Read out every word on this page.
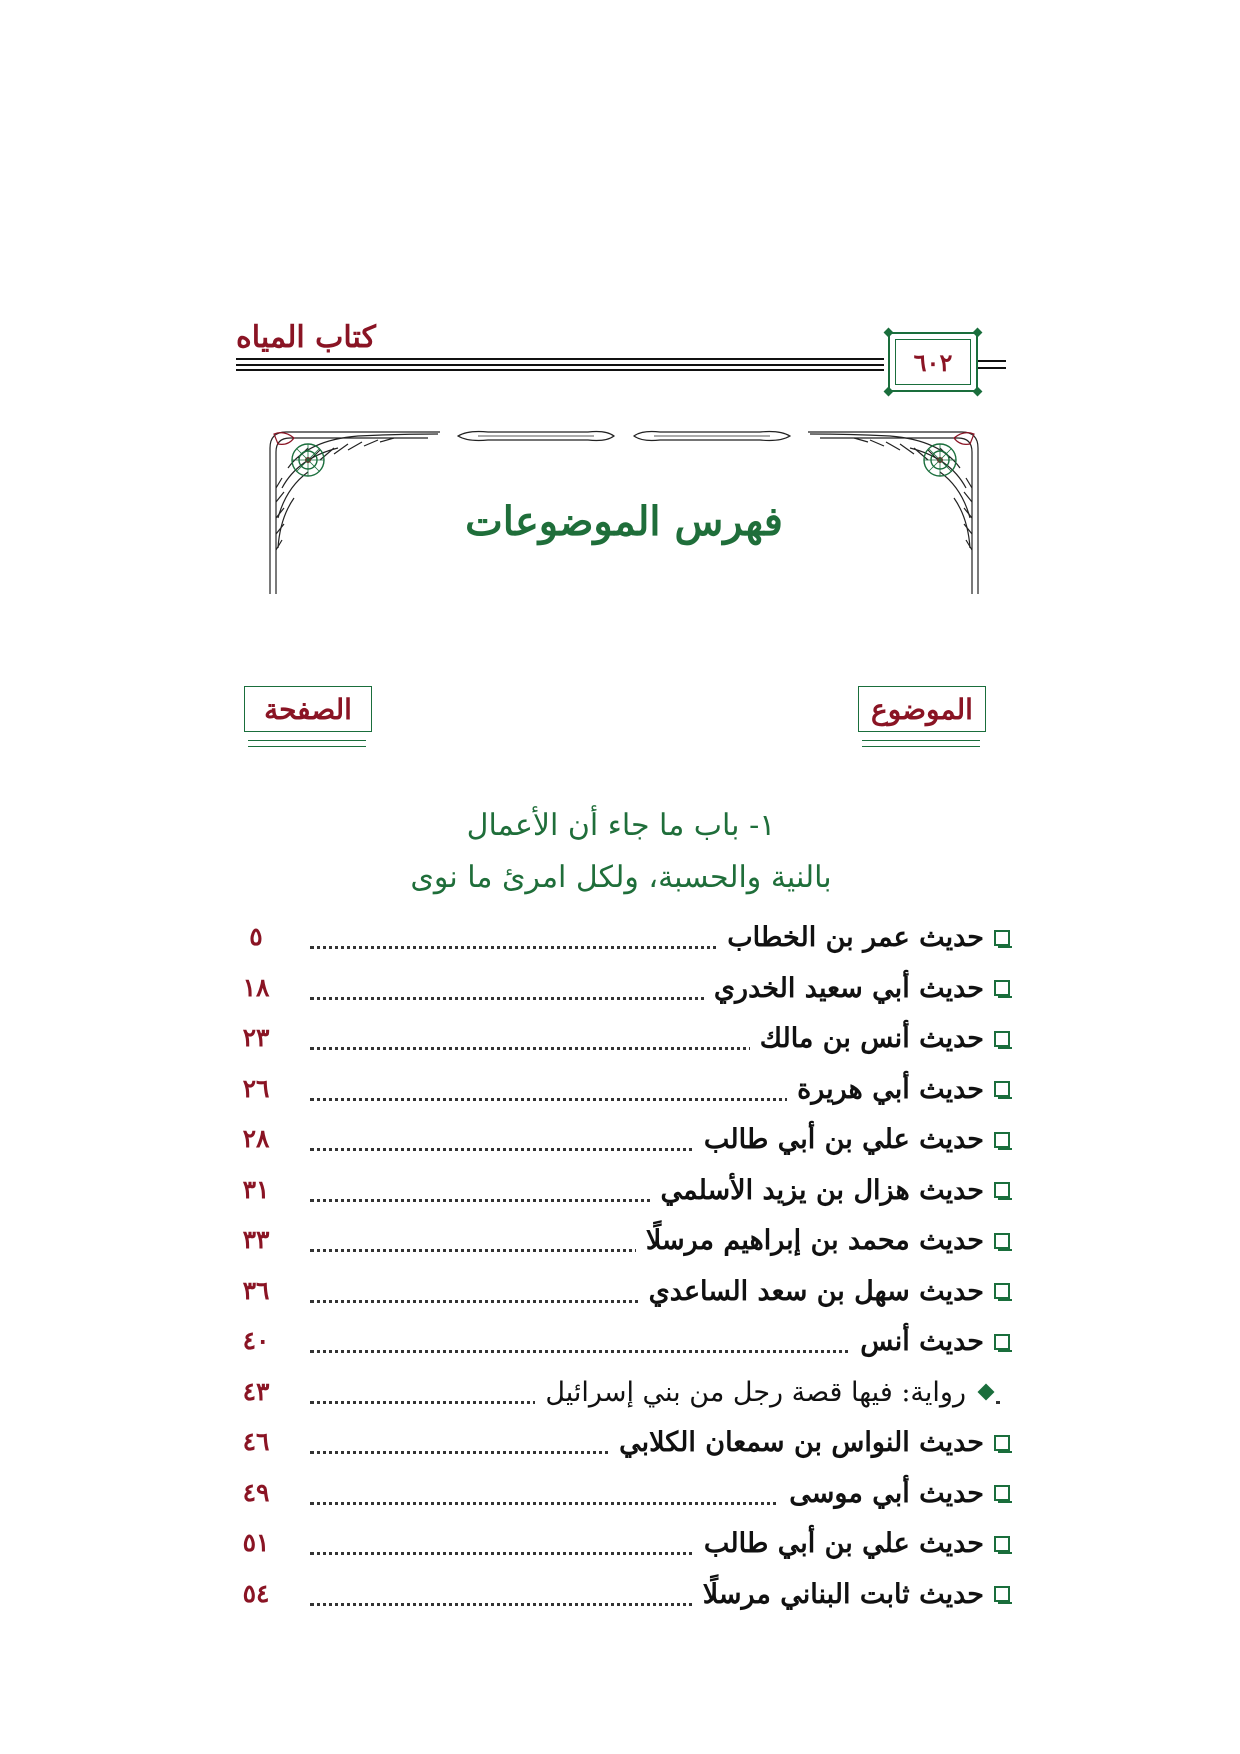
كتاب المياه
٦٠٢
فهرس الموضوعات
الموضوع
الصفحة
١- باب ما جاء أن الأعمال
بالنية والحسبة، ولكل امرئ ما نوى
حديث عمر بن الخطاب
٥
حديث أبي سعيد الخدري
١٨
حديث أنس بن مالك
٢٣
حديث أبي هريرة
٢٦
حديث علي بن أبي طالب
٢٨
حديث هزال بن يزيد الأسلمي
٣١
حديث محمد بن إبراهيم مرسلًا
٣٣
حديث سهل بن سعد الساعدي
٣٦
حديث أنس
٤٠
رواية: فيها قصة رجل من بني إسرائيل
٤٣
حديث النواس بن سمعان الكلابي
٤٦
حديث أبي موسى
٤٩
حديث علي بن أبي طالب
٥١
حديث ثابت البناني مرسلًا
٥٤
